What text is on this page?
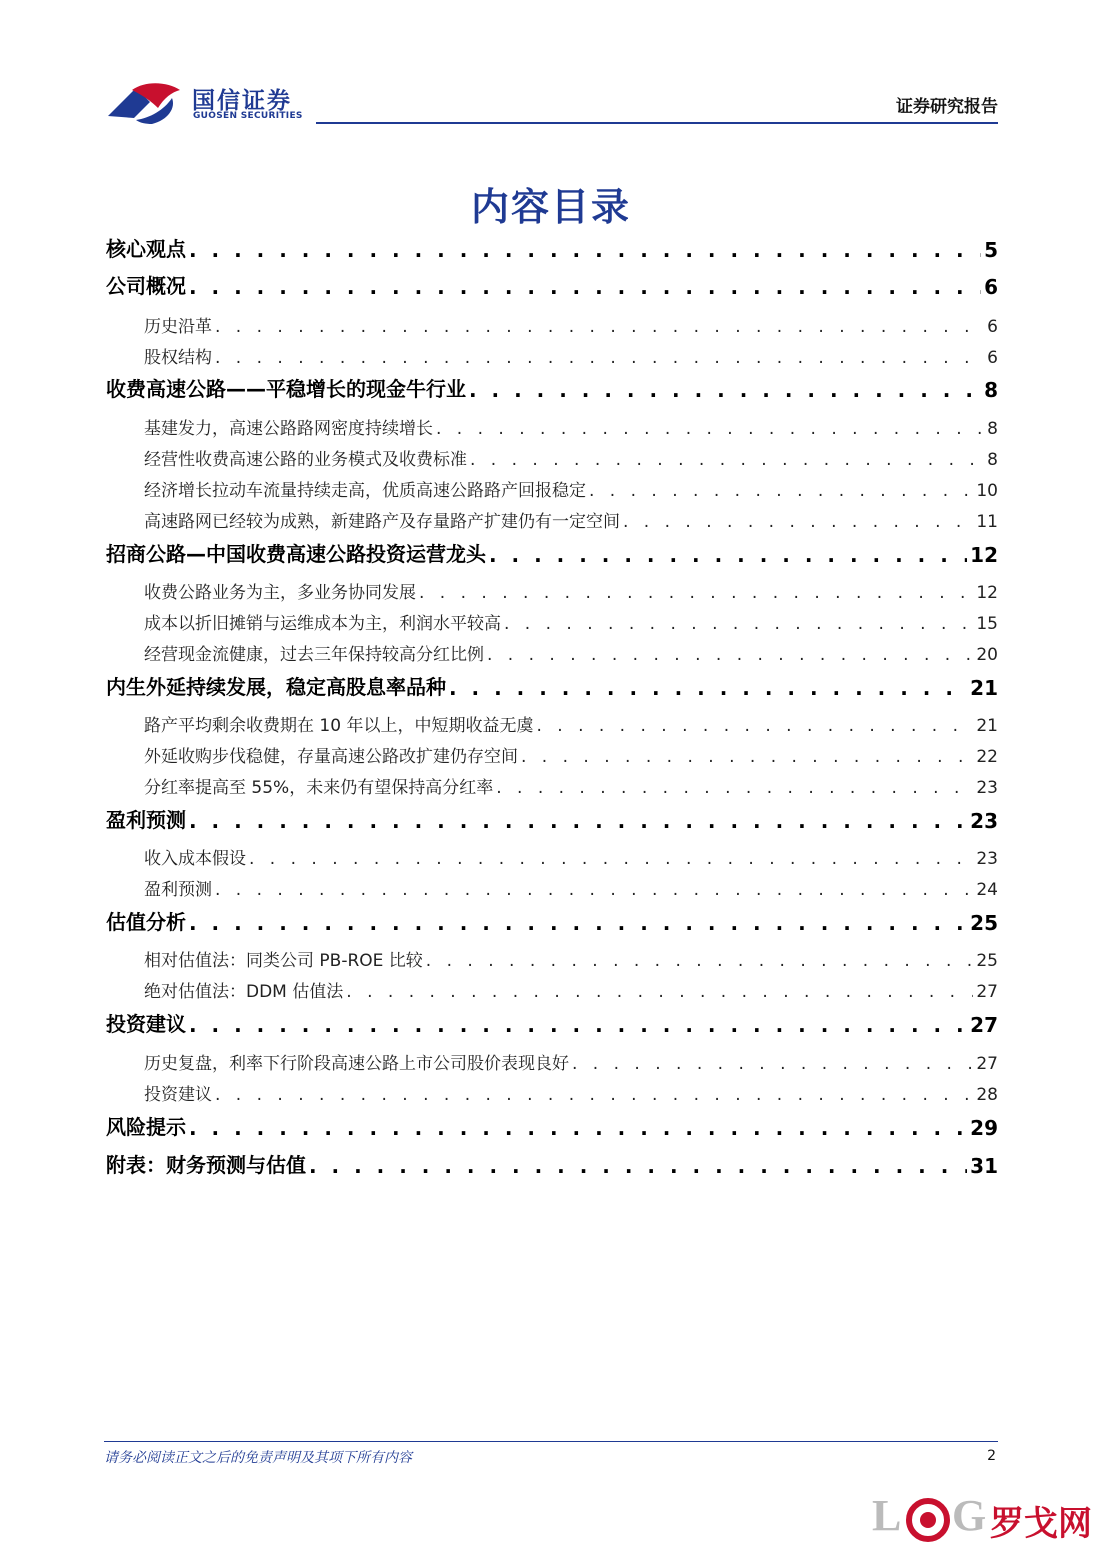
国信证券
GUOSEN SECURITIES	证券研究报告
内容目录
核心观点 . . .	5
公司概况 . . .	6
历史沿革 . . .	6
股权结构 . . .	6
收费高速公路——平稳增长的现金牛行业 . . .	8
基建发力，高速公路路网密度持续增长 . . .	8
经营性收费高速公路的业务模式及收费标准 . . .	8
经济增长拉动车流量持续走高，优质高速公路路产回报稳定 . . .	10
高速路网已经较为成熟，新建路产及存量路产扩建仍有一定空间 . . .	11
招商公路—中国收费高速公路投资运营龙头 . . .	12
收费公路业务为主，多业务协同发展 . . .	12
成本以折旧摊销与运维成本为主，利润水平较高 . . .	15
经营现金流健康，过去三年保持较高分红比例 . . .	20
内生外延持续发展，稳定高股息率品种 . . .	21
路产平均剩余收费期在 10 年以上，中短期收益无虞 . . .	21
外延收购步伐稳健，存量高速公路改扩建仍存空间 . . .	22
分红率提高至 55%，未来仍有望保持高分红率 . . .	23
盈利预测 . . .	23
收入成本假设 . . .	23
盈利预测 . . .	24
估值分析 . . .	25
相对估值法：同类公司 PB-ROE 比较 . . .	25
绝对估值法：DDM 估值法 . . .	27
投资建议 . . .	27
历史复盘，利率下行阶段高速公路上市公司股价表现良好 . . .	27
投资建议 . . .	28
风险提示 . . .	29
附表：财务预测与估值 . . .	31
请务必阅读正文之后的免责声明及其项下所有内容	2
L G 罗戈网
